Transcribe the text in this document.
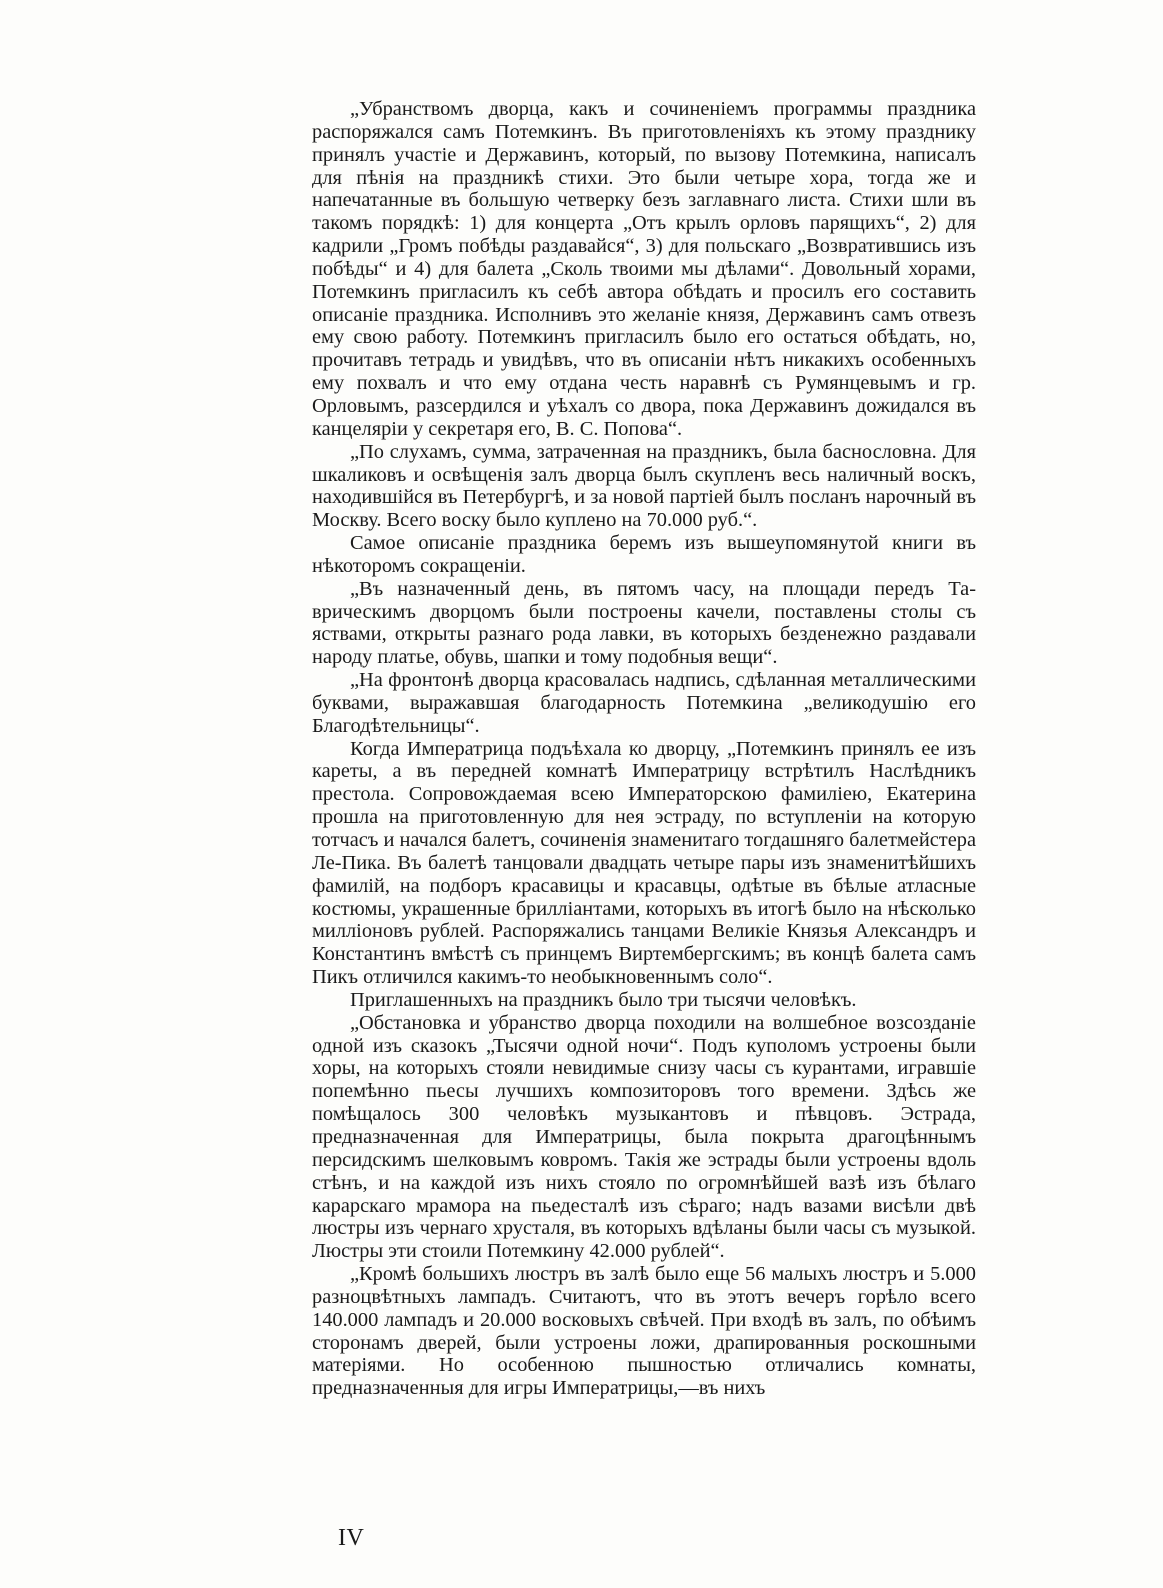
„Убранствомъ дворца, какъ и сочиненіемъ программы праздника распоряжался самъ Потемкинъ. Въ приготовленіяхъ къ этому празднику принялъ участіе и Державинъ, который, по вызову Потемкина, написалъ для пѣнія на праздникѣ стихи. Это были четыре хора, тогда же и напечатанные въ большую четверку безъ заглавнаго листа. Стихи шли въ такомъ порядкѣ: 1) для концерта „Отъ крылъ орловъ парящихъ“, 2) для кадрили „Громъ побѣды раздавайся“, 3) для польскаго „Возвратившись изъ побѣды“ и 4) для балета „Сколь твоими мы дѣлами“. Довольный хорами, Потемкинъ пригласилъ къ себѣ автора обѣдать и просилъ его составить описаніе праздника. Исполнивъ это желаніе князя, Державинъ самъ отвезъ ему свою работу. Потемкинъ пригласилъ было его остаться обѣдать, но, прочитавъ тетрадь и увидѣвъ, что въ описаніи нѣтъ никакихъ особенныхъ ему похвалъ и что ему отдана честь наравнѣ съ Румянцевымъ и гр. Орловымъ, разсердился и уѣхалъ со двора, пока Державинъ дожидался въ канцеляріи у секретаря его, В. С. Попова“.

„По слухамъ, сумма, затраченная на праздникъ, была баснословна. Для шкаликовъ и освѣщенія залъ дворца былъ скупленъ весь наличный воскъ, находившійся въ Петербургѣ, и за новой партіей былъ посланъ нарочный въ Москву. Всего воску было куплено на 70.000 руб.“.

Самое описаніе праздника беремъ изъ вышеупомянутой книги въ нѣкоторомъ сокращеніи.

„Въ назначенный день, въ пятомъ часу, на площади передъ Таврическимъ дворцомъ были построены качели, поставлены столы съ яствами, открыты разнаго рода лавки, въ которыхъ безденежно раздавали народу платье, обувь, шапки и тому подобныя вещи“.

„На фронтонѣ дворца красовалась надпись, сдѣланная металлическими буквами, выражавшая благодарность Потемкина „великодушію его Благодѣтельницы“.

Когда Императрица подъѣхала ко дворцу, „Потемкинъ принялъ ее изъ кареты, а въ передней комнатѣ Императрицу встрѣтилъ Наслѣдникъ престола. Сопровождаемая всею Императорскою фамиліею, Екатерина прошла на приготовленную для нея эстраду, по вступленіи на которую тотчасъ и начался балетъ, сочиненія знаменитаго тогдашняго балетмейстера Ле-Пика. Въ балетѣ танцовали двадцать четыре пары изъ знаменитѣйшихъ фамилій, на подборъ красавицы и красавцы, одѣтые въ бѣлые атласные костюмы, украшенные брилліантами, которыхъ въ итогѣ было на нѣсколько милліоновъ рублей. Распоряжались танцами Великіе Князья Александръ и Константинъ вмѣстѣ съ принцемъ Виртембергскимъ; въ концѣ балета самъ Пикъ отличился какимъ-то необыкновеннымъ соло“.

Приглашенныхъ на праздникъ было три тысячи человѣкъ.

„Обстановка и убранство дворца походили на волшебное возсозданіе одной изъ сказокъ „Тысячи одной ночи“. Подъ куполомъ устроены были хоры, на которыхъ стояли невидимые снизу часы съ курантами, игравшіе попемѣнно пьесы лучшихъ композиторовъ того времени. Здѣсь же помѣщалось 300 человѣкъ музыкантовъ и пѣвцовъ. Эстрада, предназначенная для Императрицы, была покрыта драгоцѣннымъ персидскимъ шелковымъ ковромъ. Такія же эстрады были устроены вдоль стѣнъ, и на каждой изъ нихъ стояло по огромнѣйшей вазѣ изъ бѣлаго карарскаго мрамора на пьедесталѣ изъ сѣраго; надъ вазами висѣли двѣ люстры изъ чернаго хрусталя, въ которыхъ вдѣланы были часы съ музыкой. Люстры эти стоили Потемкину 42.000 рублей“.

„Кромѣ большихъ люстръ въ залѣ было еще 56 малыхъ люстръ и 5.000 разноцвѣтныхъ лампадъ. Считаютъ, что въ этотъ вечеръ горѣло всего 140.000 лампадъ и 20.000 восковыхъ свѣчей. При входѣ въ залъ, по обѣимъ сторонамъ дверей, были устроены ложи, драпированныя роскошными матеріями. Но особенною пышностью отличались комнаты, предназначенныя для игры Императрицы,—въ нихъ

IV
